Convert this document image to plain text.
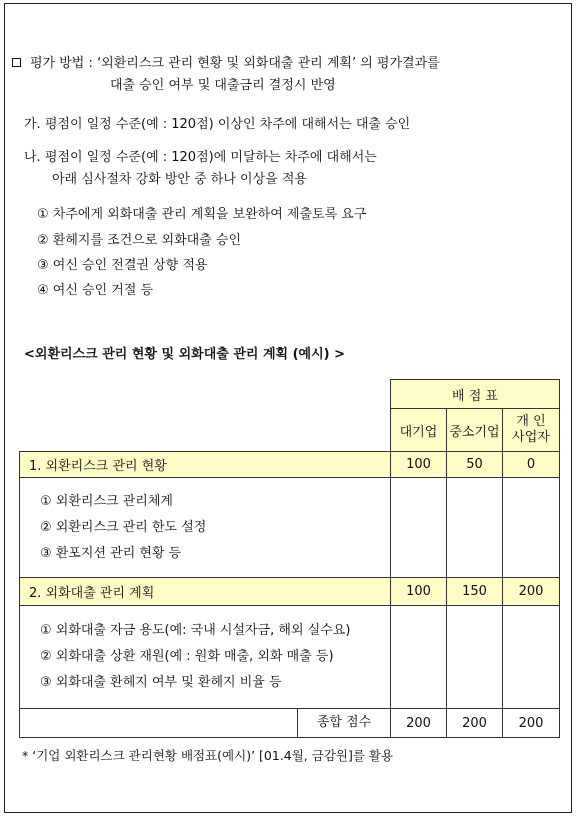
평가 방법 : ‘외환리스크 관리 현황 및 외화대출 관리 계획’ 의 평가결과를
대출 승인 여부 및 대출금리 결정시 반영
가. 평점이 일정 수준(예 : 120점) 이상인 차주에 대해서는 대출 승인
나. 평점이 일정 수준(예 : 120점)에 미달하는 차주에 대해서는
아래 심사절차 강화 방안 중 하나 이상을 적용
① 차주에게 외화대출 관리 계획을 보완하여 제출토록 요구
② 환헤지를 조건으로 외화대출 승인
③ 여신 승인 전결권 상향 적용
④ 여신 승인 거절 등
<외환리스크 관리 현황 및 외화대출 관리 계획 (예시) >
	배 점 표		
	대기업	중소기업	개 인
사업자
1. 외환리스크 관리 현황	100	50	0

① 외환리스크 관리체계
② 외환리스크 관리 한도 설정
③ 환포지션 관리 현황 등			

2. 외화대출 관리 계획	100	150	200

① 외화대출 자금 용도(예: 국내 시설자금, 해외 실수요)
② 외화대출 상환 재원(예 : 원화 매출, 외화 매출 등)
③ 외화대출 환헤지 여부 및 환헤지 비율 등			

종합 점수	200	200	200
* ‘기업 외환리스크 관리현황 배점표(예시)’ [01.4월, 금감원]를 활용
